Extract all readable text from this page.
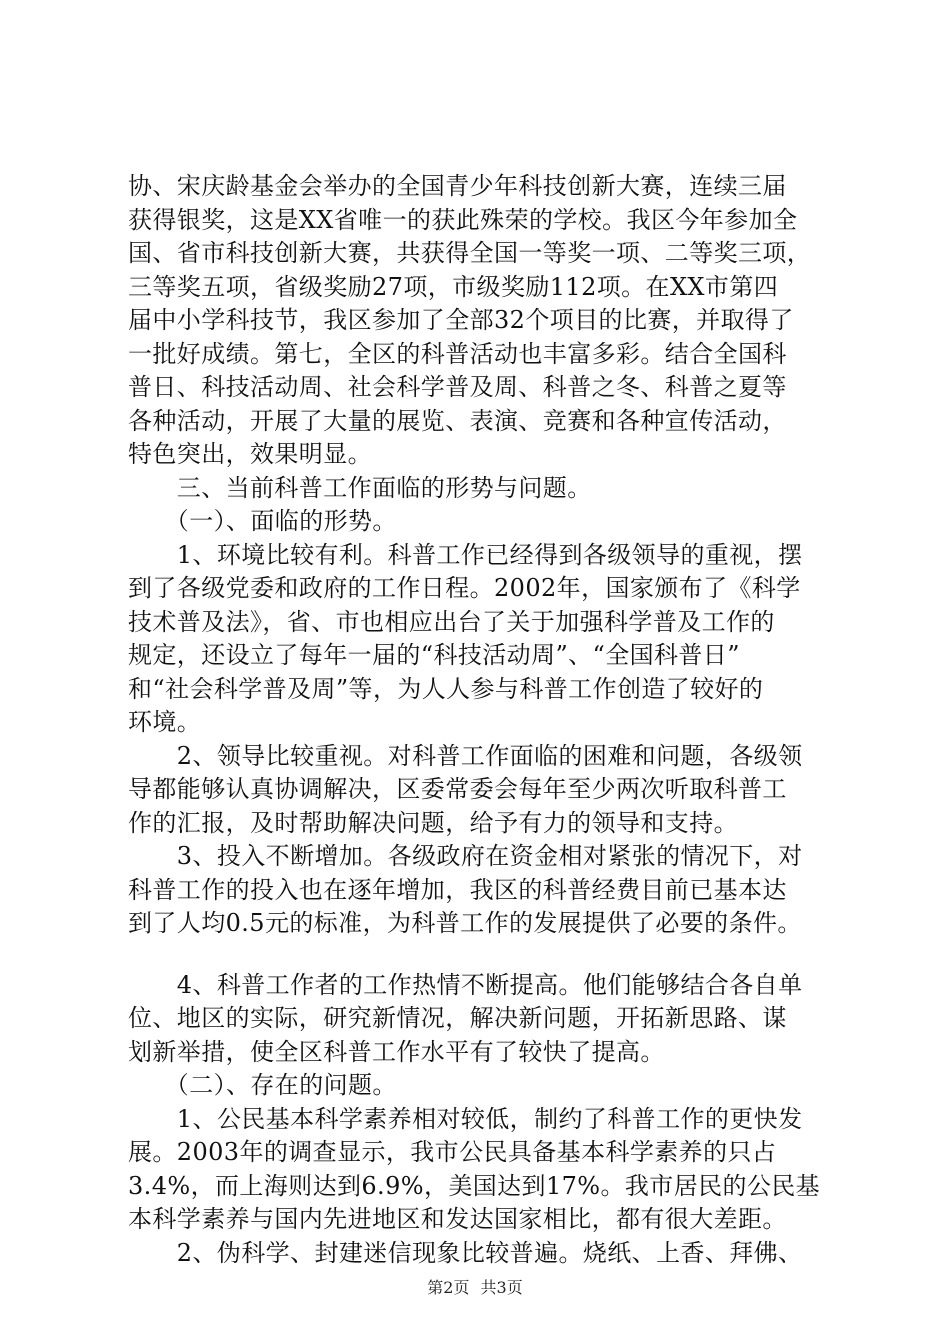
协、宋庆龄基金会举办的全国青少年科技创新大赛，连续三届
获得银奖，这是XX省唯一的获此殊荣的学校。我区今年参加全
国、省市科技创新大赛，共获得全国一等奖一项、二等奖三项，
三等奖五项，省级奖励27项，市级奖励112项。在XX市第四
届中小学科技节，我区参加了全部32个项目的比赛，并取得了
一批好成绩。第七，全区的科普活动也丰富多彩。结合全国科
普日、科技活动周、社会科学普及周、科普之冬、科普之夏等
各种活动，开展了大量的展览、表演、竞赛和各种宣传活动，
特色突出，效果明显。
　　三、当前科普工作面临的形势与问题。
　　（一）、面临的形势。
　　1、环境比较有利。科普工作已经得到各级领导的重视，摆
到了各级党委和政府的工作日程。2002年，国家颁布了《科学
技术普及法》，省、市也相应出台了关于加强科学普及工作的
规定，还设立了每年一届的“科技活动周”、“全国科普日”
和“社会科学普及周”等，为人人参与科普工作创造了较好的
环境。
　　2、领导比较重视。对科普工作面临的困难和问题，各级领
导都能够认真协调解决，区委常委会每年至少两次听取科普工
作的汇报，及时帮助解决问题，给予有力的领导和支持。
　　3、投入不断增加。各级政府在资金相对紧张的情况下，对
科普工作的投入也在逐年增加，我区的科普经费目前已基本达
到了人均0.5元的标准，为科普工作的发展提供了必要的条件。
　　4、科普工作者的工作热情不断提高。他们能够结合各自单
位、地区的实际，研究新情况，解决新问题，开拓新思路、谋
划新举措，使全区科普工作水平有了较快了提高。
　　（二）、存在的问题。
　　1、公民基本科学素养相对较低，制约了科普工作的更快发
展。2003年的调查显示，我市公民具备基本科学素养的只占
3.4%，而上海则达到6.9%，美国达到17%。我市居民的公民基
本科学素养与国内先进地区和发达国家相比，都有很大差距。
　　2、伪科学、封建迷信现象比较普遍。烧纸、上香、拜佛、
第2页 共3页
